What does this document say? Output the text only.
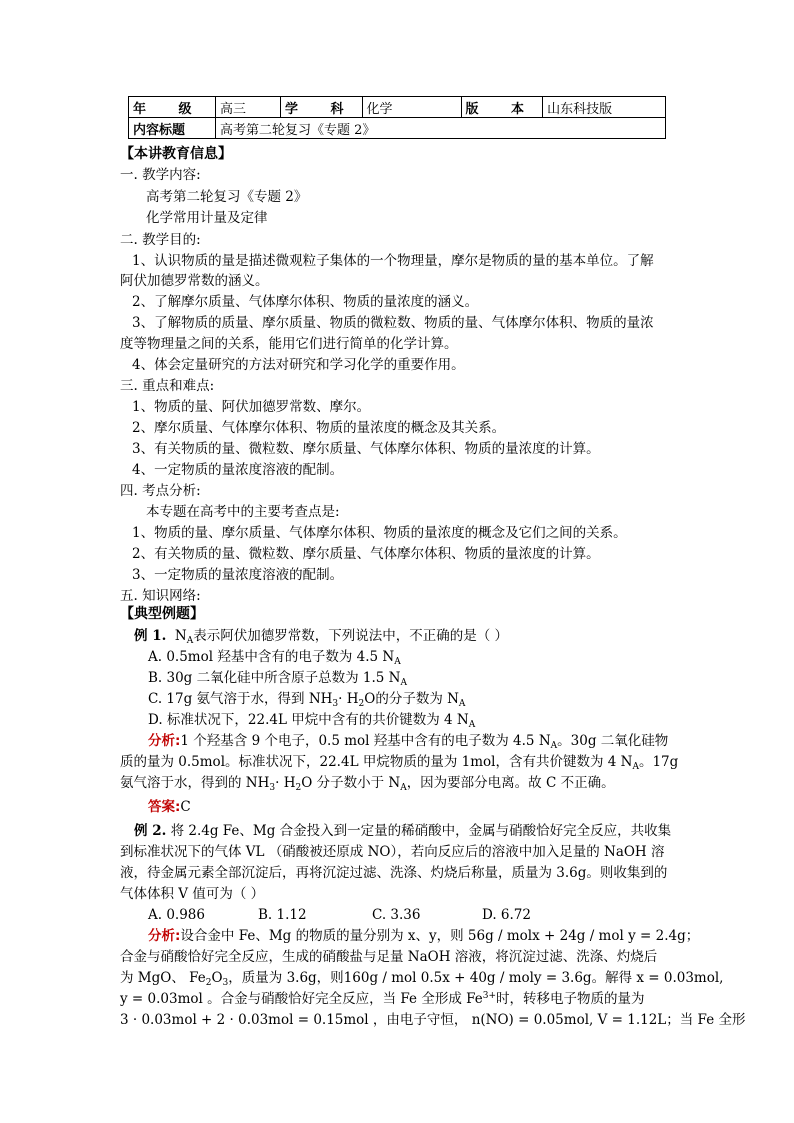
年 级	高三	学 科	化学	版 本	山东科技版
内容标题	高考第二轮复习《专题 2》				
【本讲教育信息】
一. 教学内容:
高考第二轮复习《专题 2》
化学常用计量及定律
二. 教学目的:
1、认识物质的量是描述微观粒子集体的一个物理量，摩尔是物质的量的基本单位。了解
阿伏加德罗常数的涵义。
2、了解摩尔质量、气体摩尔体积、物质的量浓度的涵义。
3、了解物质的质量、摩尔质量、物质的微粒数、物质的量、气体摩尔体积、物质的量浓
度等物理量之间的关系，能用它们进行简单的化学计算。
4、体会定量研究的方法对研究和学习化学的重要作用。
三. 重点和难点:
1、物质的量、阿伏加德罗常数、摩尔。
2、摩尔质量、气体摩尔体积、物质的量浓度的概念及其关系。
3、有关物质的量、微粒数、摩尔质量、气体摩尔体积、物质的量浓度的计算。
4、一定物质的量浓度溶液的配制。
四. 考点分析:
本专题在高考中的主要考查点是:
1、物质的量、摩尔质量、气体摩尔体积、物质的量浓度的概念及它们之间的关系。
2、有关物质的量、微粒数、摩尔质量、气体摩尔体积、物质的量浓度的计算。
3、一定物质的量浓度溶液的配制。
五. 知识网络:
【典型例题】
例 1. $N_A$表示阿伏加德罗常数，下列说法中，不正确的是（ ）
A. 0.5mol 羟基中含有的电子数为 4.5 $N_A$
B. 30g 二氧化硅中所含原子总数为 1.5 $N_A$
C. 17g 氨气溶于水，得到 $NH_3\cdot H_2O$的分子数为 $N_A$
D. 标准状况下，22.4L 甲烷中含有的共价键数为 4 $N_A$
分析:1 个羟基含 9 个电子，0.5 mol 羟基中含有的电子数为 4.5 $N_A$。30g 二氧化硅物
质的量为 0.5mol。标准状况下，22.4L 甲烷物质的量为 1mol，含有共价键数为 4 $N_A$。17g
氨气溶于水，得到的 $NH_3\cdot H_2O$ 分子数小于 $N_A$，因为要部分电离。故 C 不正确。
答案:C
例 2. 将 2.4g Fe、Mg 合金投入到一定量的稀硝酸中，金属与硝酸恰好完全反应，共收集
到标准状况下的气体 VL （硝酸被还原成 NO），若向反应后的溶液中加入足量的 NaOH 溶
液，待金属元素全部沉淀后，再将沉淀过滤、洗涤、灼烧后称量，质量为 3.6g。则收集到的
气体体积 V 值可为（ ）
A. 0.986	B. 1.12	C. 3.36	D. 6.72
分析:设合金中 Fe、Mg 的物质的量分别为 x、y，则 56g / molx + 24g / mol y = 2.4g；
合金与硝酸恰好完全反应，生成的硝酸盐与足量 NaOH 溶液，将沉淀过滤、洗涤、灼烧后
为 MgO、 $Fe_2O_3$，质量为 3.6g，则160g / mol 0.5x + 40g / moly = 3.6g。解得 x = 0.03mol,
y = 0.03mol 。合金与硝酸恰好完全反应，当 Fe 全形成 $Fe^{3+}$时，转移电子物质的量为
3 · 0.03mol + 2 · 0.03mol = 0.15mol ，由电子守恒， n(NO) = 0.05mol, V = 1.12L；当 Fe 全形
